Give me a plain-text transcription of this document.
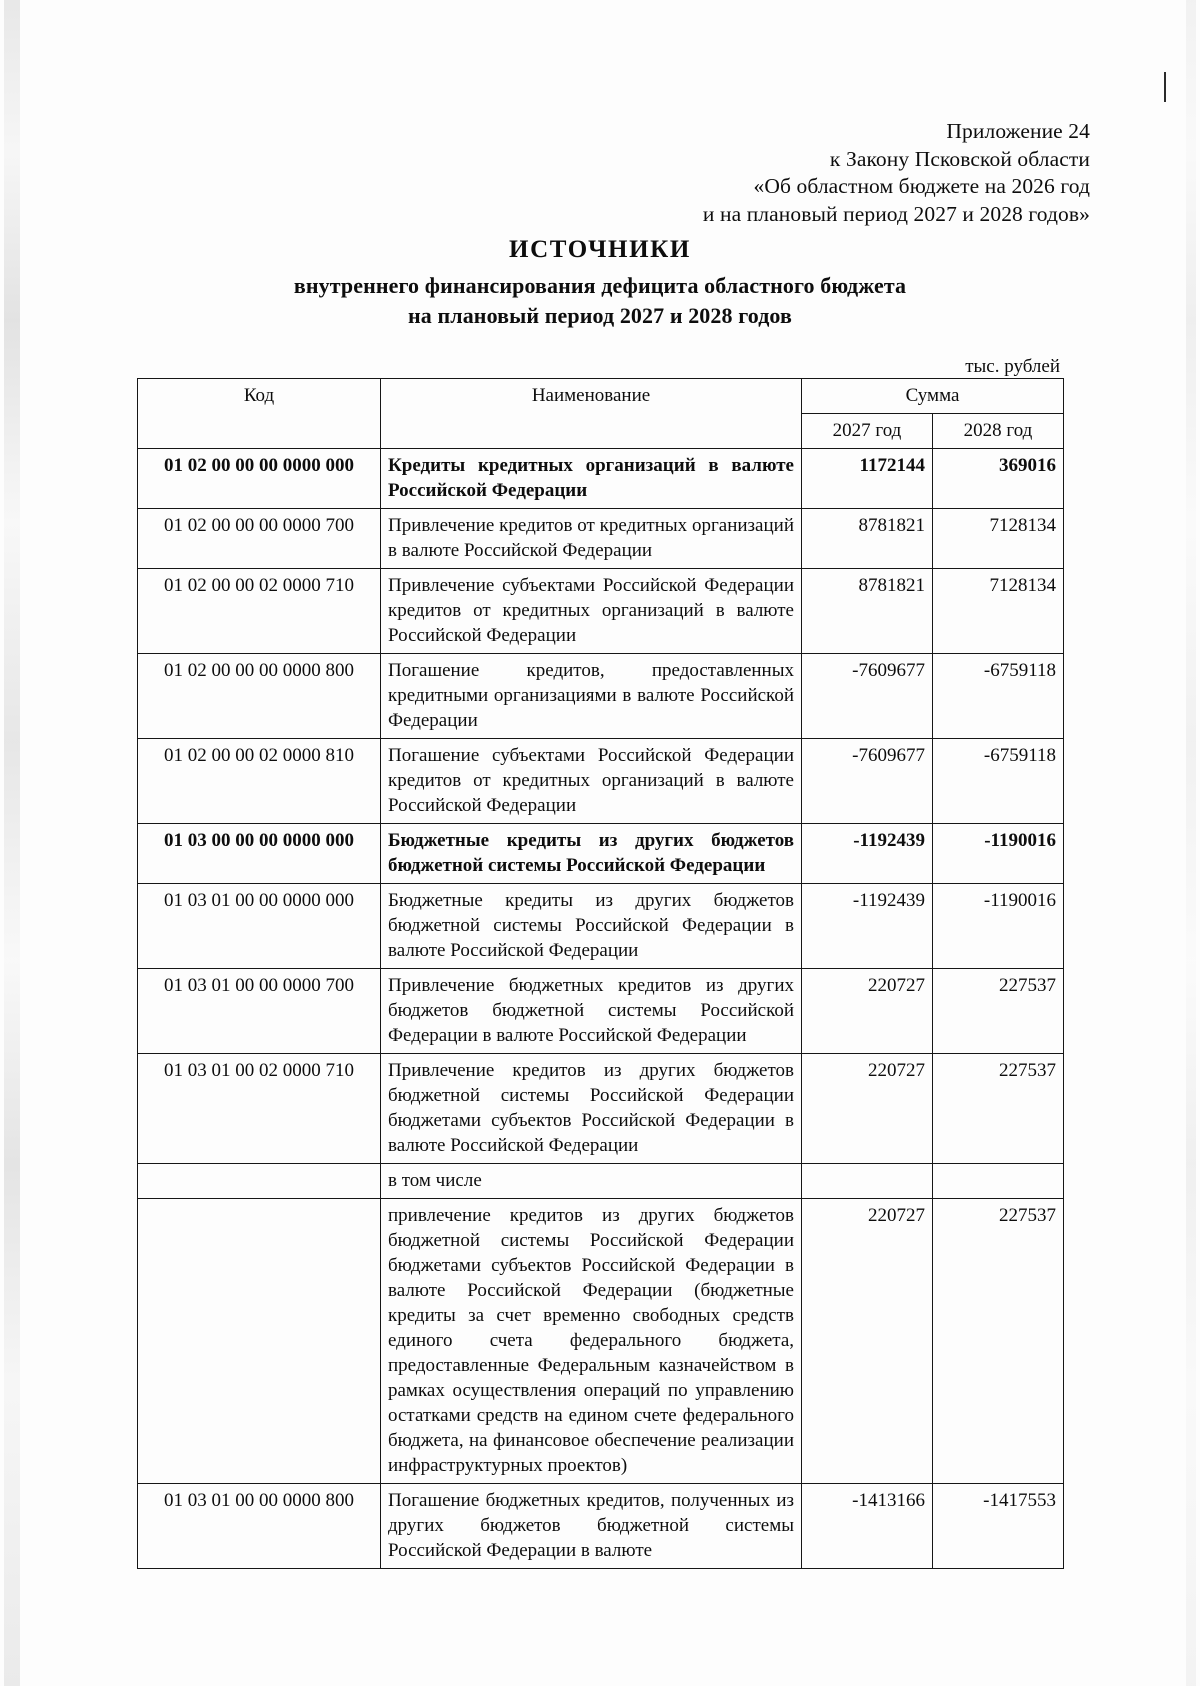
Приложение 24
к Закону Псковской области
«Об областном бюджете на 2026 год
и на плановый период 2027 и 2028 годов»
ИСТОЧНИКИ
внутреннего финансирования дефицита областного бюджета
на плановый период 2027 и 2028 годов
тыс. рублей
Код	Наименование	Сумма	
		2027 год	2028 год
01 02 00 00 00 0000 000	Кредиты кредитных организаций в валюте Российской Федерации	1172144	369016
01 02 00 00 00 0000 700	Привлечение кредитов от кредитных организаций в валюте Российской Федерации	8781821	7128134
01 02 00 00 02 0000 710	Привлечение субъектами Российской Федерации кредитов от кредитных организаций в валюте Российской Федерации	8781821	7128134
01 02 00 00 00 0000 800	Погашение кредитов, предоставленных кредитными организациями в валюте Российской Федерации	-7609677	-6759118
01 02 00 00 02 0000 810	Погашение субъектами Российской Федерации кредитов от кредитных организаций в валюте Российской Федерации	-7609677	-6759118
01 03 00 00 00 0000 000	Бюджетные кредиты из других бюджетов бюджетной системы Российской Федерации	-1192439	-1190016
01 03 01 00 00 0000 000	Бюджетные кредиты из других бюджетов бюджетной системы Российской Федерации в валюте Российской Федерации	-1192439	-1190016
01 03 01 00 00 0000 700	Привлечение бюджетных кредитов из других бюджетов бюджетной системы Российской Федерации в валюте Российской Федерации	220727	227537
01 03 01 00 02 0000 710	Привлечение кредитов из других бюджетов бюджетной системы Российской Федерации бюджетами субъектов Российской Федерации в валюте Российской Федерации	220727	227537
	в том числе		
	привлечение кредитов из других бюджетов бюджетной системы Российской Федерации бюджетами субъектов Российской Федерации в валюте Российской Федерации (бюджетные кредиты за счет временно свободных средств единого счета федерального бюджета, предоставленные Федеральным казначейством в рамках осуществления операций по управлению остатками средств на едином счете федерального бюджета, на финансовое обеспечение реализации инфраструктурных проектов)	220727	227537
01 03 01 00 00 0000 800	Погашение бюджетных кредитов, полученных из других бюджетов бюджетной системы Российской Федерации в валюте	-1413166	-1417553
